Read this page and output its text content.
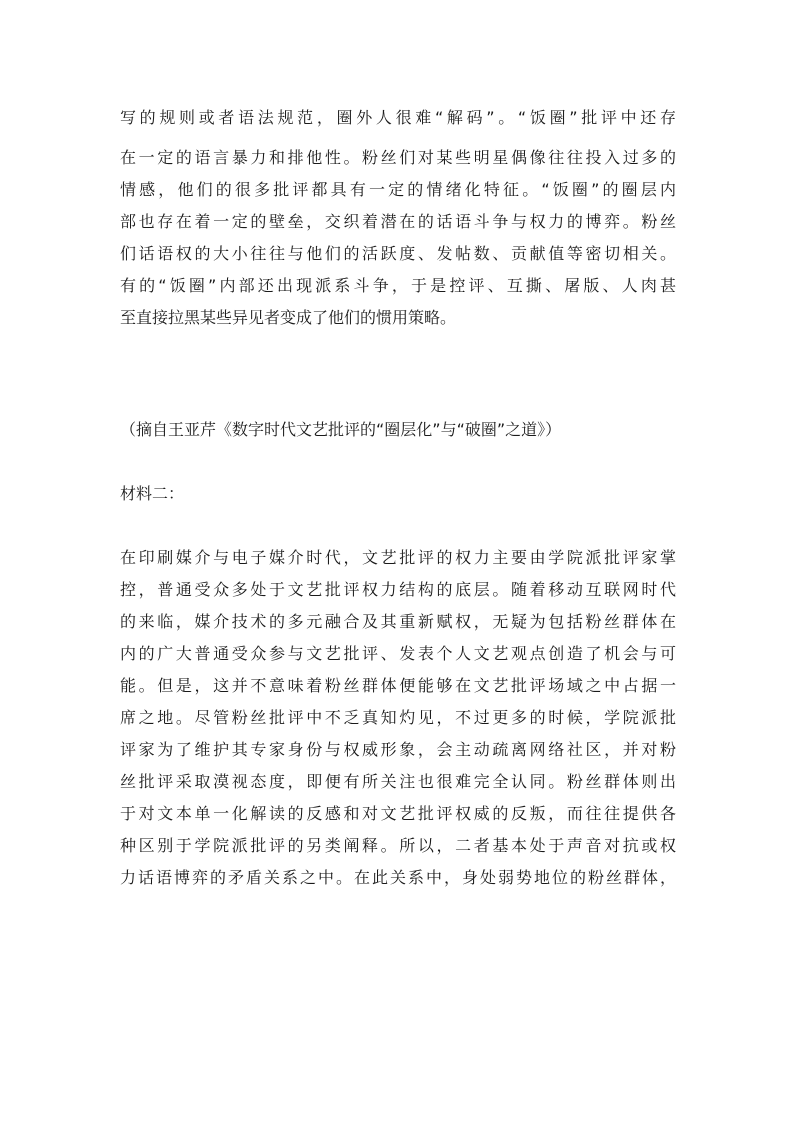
写的规则或者语法规范，圈外人很难“解码”。“饭圈”批评中还存
在一定的语言暴力和排他性。粉丝们对某些明星偶像往往投入过多的
情感，他们的很多批评都具有一定的情绪化特征。“饭圈”的圈层内
部也存在着一定的壁垒，交织着潜在的话语斗争与权力的博弈。粉丝
们话语权的大小往往与他们的活跃度、发帖数、贡献值等密切相关。
有的“饭圈”内部还出现派系斗争，于是控评、互撕、屠版、人肉甚
至直接拉黑某些异见者变成了他们的惯用策略。
（摘自王亚芹《数字时代文艺批评的“圈层化”与“破圈”之道》）
材料二：
在印刷媒介与电子媒介时代，文艺批评的权力主要由学院派批评家掌
控，普通受众多处于文艺批评权力结构的底层。随着移动互联网时代
的来临，媒介技术的多元融合及其重新赋权，无疑为包括粉丝群体在
内的广大普通受众参与文艺批评、发表个人文艺观点创造了机会与可
能。但是，这并不意味着粉丝群体便能够在文艺批评场域之中占据一
席之地。尽管粉丝批评中不乏真知灼见，不过更多的时候，学院派批
评家为了维护其专家身份与权威形象，会主动疏离网络社区，并对粉
丝批评采取漠视态度，即便有所关注也很难完全认同。粉丝群体则出
于对文本单一化解读的反感和对文艺批评权威的反叛，而往往提供各
种区别于学院派批评的另类阐释。所以，二者基本处于声音对抗或权
力话语博弈的矛盾关系之中。在此关系中，身处弱势地位的粉丝群体，
